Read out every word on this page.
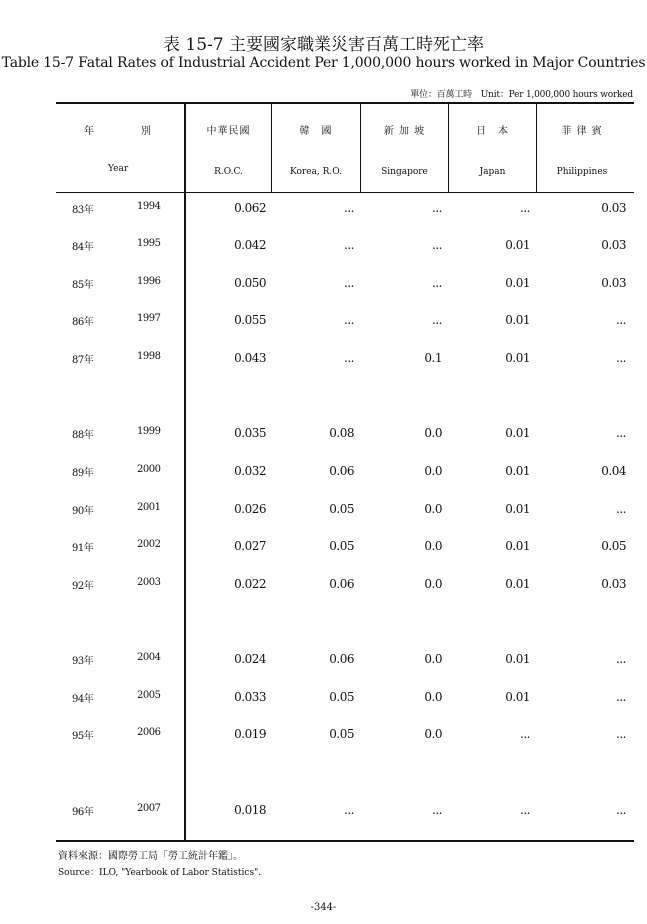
表 15-7 主要國家職業災害百萬工時死亡率
Table 15-7 Fatal Rates of Industrial Accident Per 1,000,000 hours worked in Major Countries
單位：百萬工時　Unit：Per 1,000,000 hours worked
年	別
Year
中華民國
R.O.C.
韓　國
Korea, R.O.
新 加 坡
Singapore
日　本
Japan
菲 律 賓
Philippines
83年	1994	0.062	...	...	...	0.03
84年	1995	0.042	...	...	0.01	0.03
85年	1996	0.050	...	...	0.01	0.03
86年	1997	0.055	...	...	0.01	...
87年	1998	0.043	...	0.1	0.01	...
88年	1999	0.035	0.08	0.0	0.01	...
89年	2000	0.032	0.06	0.0	0.01	0.04
90年	2001	0.026	0.05	0.0	0.01	...
91年	2002	0.027	0.05	0.0	0.01	0.05
92年	2003	0.022	0.06	0.0	0.01	0.03
93年	2004	0.024	0.06	0.0	0.01	...
94年	2005	0.033	0.05	0.0	0.01	...
95年	2006	0.019	0.05	0.0	...	...
96年	2007	0.018	...	...	...	...
資料來源：國際勞工局「勞工統計年鑑」。
Source：ILO, "Yearbook of Labor Statistics".
-344-
